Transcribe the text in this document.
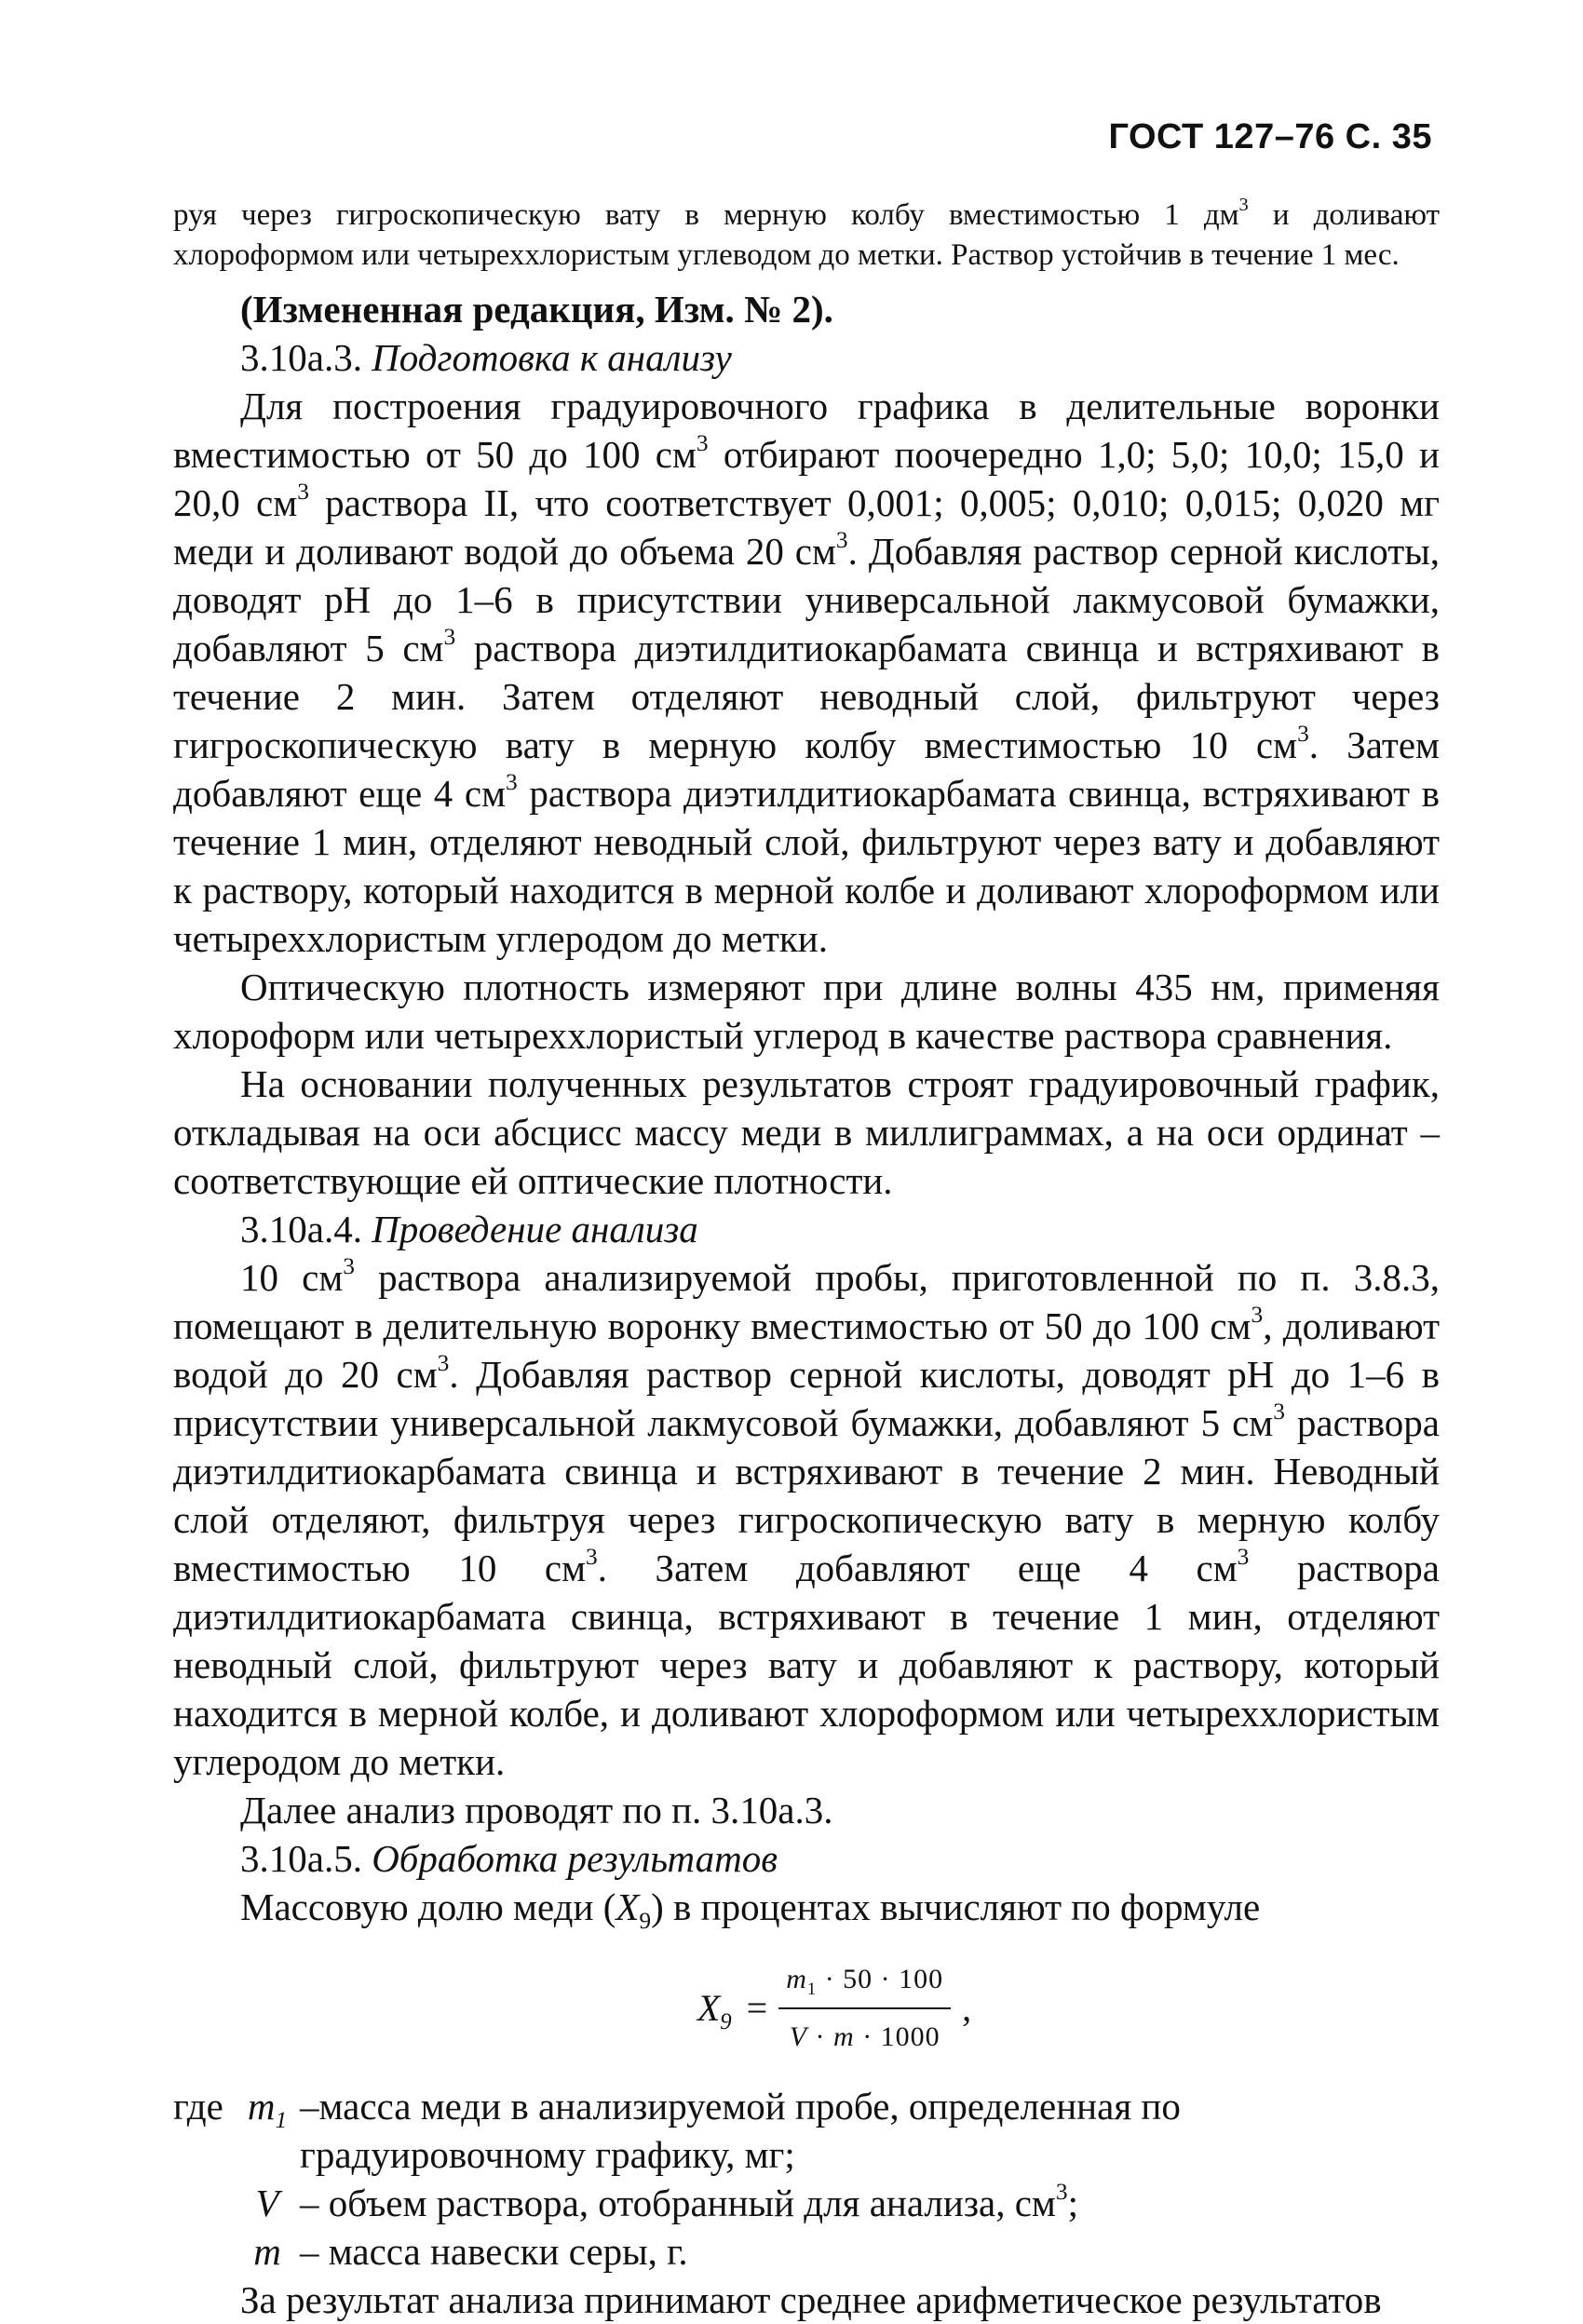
ГОСТ 127–76 С. 35

руя через гигроскопическую вату в мерную колбу вместимостью 1 $дм^3$ и доливают хлороформом или четыреххлористым углеводом до метки. Раствор устойчив в течение 1 мес.

(Измененная редакция, Изм. № 2).

3.10а.3. Подготовка к анализу

Для построения градуировочного графика в делительные воронки вместимостью от 50 до 100 $см^3$ отбирают поочередно 1,0; 5,0; 10,0; 15,0 и 20,0 $см^3$ раствора II, что соответствует 0,001; 0,005; 0,010; 0,015; 0,020 мг меди и доливают водой до объема 20 $см^3$. Добавляя раствор серной кислоты, доводят рН до 1–6 в присутствии универсальной лакмусовой бумажки, добавляют 5 $см^3$ раствора диэтилдитиокарбамата свинца и встряхивают в течение 2 мин. Затем отделяют неводный слой, фильтруют через гигроскопическую вату в мерную колбу вместимостью 10 $см^3$. Затем добавляют еще 4 $см^3$ раствора диэтилдитиокарбамата свинца, встряхивают в течение 1 мин, отделяют неводный слой, фильтруют через вату и добавляют к раствору, который находится в мерной колбе и доливают хлороформом или четыреххлористым углеродом до метки.

Оптическую плотность измеряют при длине волны 435 нм, применяя хлороформ или четыреххлористый углерод в качестве раствора сравнения.

На основании полученных результатов строят градуировочный график, откладывая на оси абсцисс массу меди в миллиграммах, а на оси ординат – соответствующие ей оптические плотности.

3.10а.4. Проведение анализа

10 $см^3$ раствора анализируемой пробы, приготовленной по п. 3.8.3, помещают в делительную воронку вместимостью от 50 до 100 $см^3$, доливают водой до 20 $см^3$. Добавляя раствор серной кислоты, доводят рН до 1–6 в присутствии универсальной лакмусовой бумажки, добавляют 5 $см^3$ раствора диэтилдитиокарбамата свинца и встряхивают в течение 2 мин. Неводный слой отделяют, фильтруя через гигроскопическую вату в мерную колбу вместимостью 10 $см^3$. Затем добавляют еще 4 $см^3$ раствора диэтилдитиокарбамата свинца, встряхивают в течение 1 мин, отделяют неводный слой, фильтруют через вату и добавляют к раствору, который находится в мерной колбе, и доливают хлороформом или четыреххлористым углеродом до метки.

Далее анализ проводят по п. 3.10а.3.

3.10а.5. Обработка результатов

Массовую долю меди $(X_9)$ в процентах вычисляют по формуле

$X_9 = \frac{m_1 \cdot 50 \cdot 100}{V \cdot m \cdot 1000}$ ,
где $m_1$ –масса меди в анализируемой пробе, определенная по градуировочному графику, мг;
V – объем раствора, отобранный для анализа, $см^3$;
m – масса навески серы, г.

За результат анализа принимают среднее арифметическое результатов
